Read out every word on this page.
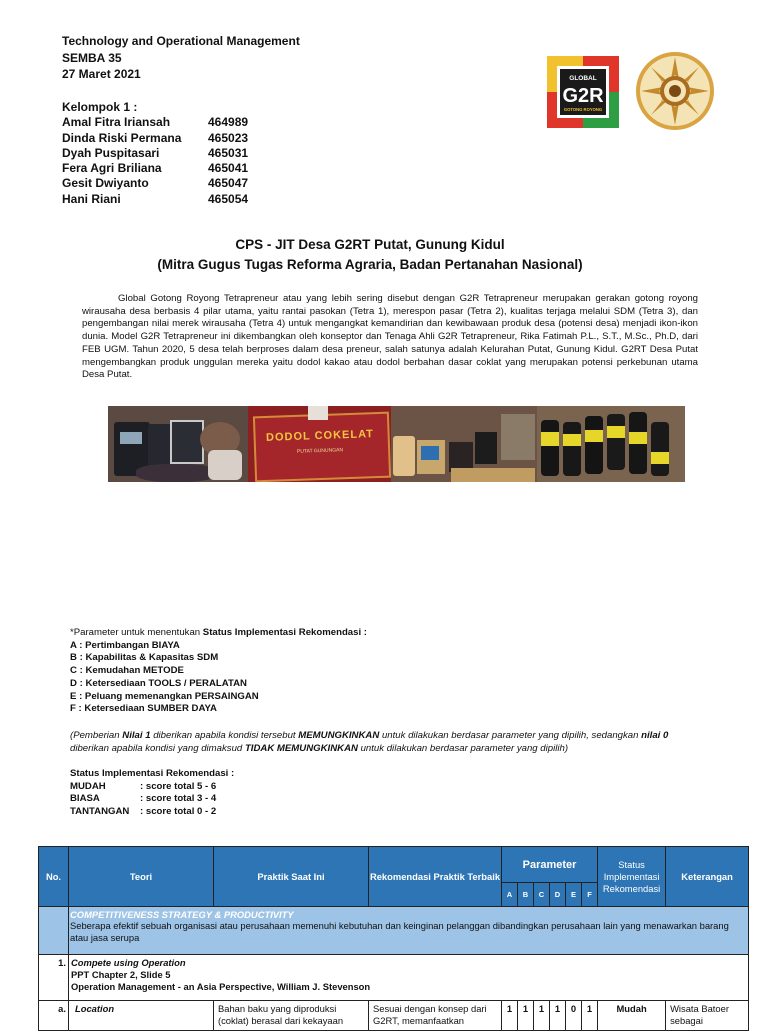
Technology and Operational Management
SEMBA 35
27 Maret 2021
Kelompok 1 :
Amal Fitra Iriansah	464989
Dinda Riski Permana	465023
Dyah Puspitasari	465031
Fera Agri Briliana	465041
Gesit Dwiyanto	465047
Hani Riani	465054
GLOBAL
G2R
GOTONG ROYONG
CPS - JIT Desa G2RT Putat, Gunung Kidul
(Mitra Gugus Tugas Reforma Agraria, Badan Pertanahan Nasional)
Global Gotong Royong Tetrapreneur atau yang lebih sering disebut dengan G2R Tetrapreneur merupakan gerakan gotong royong wirausaha desa berbasis 4 pilar utama, yaitu rantai pasokan (Tetra 1), merespon pasar (Tetra 2), kualitas terjaga melalui SDM (Tetra 3), dan pengembangan nilai merek wirausaha (Tetra 4) untuk mengangkat kemandirian dan kewibawaan produk desa (potensi desa) menjadi ikon-ikon dunia. Model G2R Tetrapreneur ini dikembangkan oleh konseptor dan Tenaga Ahli G2R Tetrapreneur, Rika Fatimah P.L., S.T., M.Sc., Ph.D, dari FEB UGM. Tahun 2020, 5 desa telah berproses dalam desa preneur, salah satunya adalah Kelurahan Putat, Gunung Kidul. G2RT Desa Putat mengembangkan produk unggulan mereka yaitu dodol kakao atau dodol berbahan dasar coklat yang merupakan potensi perkebunan utama Desa Putat.
DODOL COKELAT
PUTAT GUNUNGAN
*Parameter untuk menentukan Status Implementasi Rekomendasi :
A : Pertimbangan BIAYA
B : Kapabilitas & Kapasitas SDM
C : Kemudahan METODE
D : Ketersediaan TOOLS / PERALATAN
E : Peluang memenangkan PERSAINGAN
F : Ketersediaan SUMBER DAYA
(Pemberian Nilai 1 diberikan apabila kondisi tersebut MEMUNGKINKAN untuk dilakukan berdasar parameter yang dipilih, sedangkan nilai 0 diberikan apabila kondisi yang dimaksud TIDAK MEMUNGKINKAN untuk dilakukan berdasar parameter yang dipilih)
Status Implementasi Rekomendasi :
MUDAH	: score total 5 - 6
BIASA	: score total 3 - 4
TANTANGAN	: score total 0 - 2
No.	Teori	Praktik Saat Ini	Rekomendasi Praktik Terbaik	Parameter						Status Implementasi Rekomendasi	Keterangan
				A	B	C	D	E	F		

	COMPETITIVENESS STRATEGY & PRODUCTIVITY
Seberapa efektif sebuah organisasi atau perusahaan memenuhi kebutuhan dan keinginan pelanggan dibandingkan perusahaan lain yang menawarkan barang atau jasa serupa										

1.	Compete using Operation
PPT Chapter 2, Slide 5
Operation Management - an Asia Perspective, William J. Stevenson										

a.	Location	Bahan baku yang diproduksi (coklat) berasal dari kekayaan	Sesuai dengan konsep dari G2RT, memanfaatkan	1	1	1	1	0	1	Mudah	Wisata Batoer sebagai
